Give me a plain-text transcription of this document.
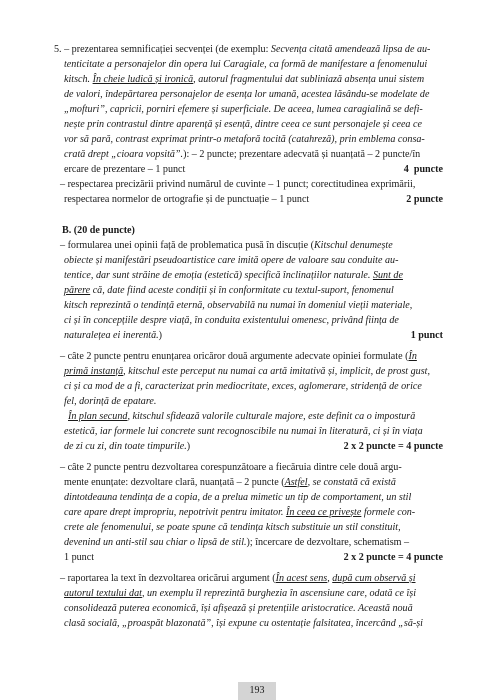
5. – prezentarea semnificației secvenței (de exemplu: Secvența citată amendează lipsa de au-
tenticitate a personajelor din opera lui Caragiale, ca formă de manifestare a fenomenului
kitsch. În cheie ludică și ironică, autorul fragmentului dat subliniază absența unui sistem
de valori, îndepărtarea personajelor de esența lor umană, acestea lăsându-se modelate de
„mofturi”, capricii, porniri efemere și superficiale. De aceea, lumea caragialină se defi-
nește prin contrastul dintre aparență și esență, dintre ceea ce sunt personajele și ceea ce
vor să pară, contrast exprimat printr-o metaforă tocită (catahreză), prin emblema consa-
crată drept „cioara vopsită”.): – 2 puncte; prezentare adecvată și nuanțată – 2 puncte/în
ercare de prezentare – 1 punct	4  puncte
– respectarea precizării privind numărul de cuvinte – 1 punct; corectitudinea exprimării,
respectarea normelor de ortografie și de punctuație – 1 punct	2 puncte
B. (20 de puncte)
– formularea unei opinii față de problematica pusă în discuție (Kitschul denumește
obiecte și manifestări pseudoartistice care imită opere de valoare sau conduite au-
tentice, dar sunt străine de emoția (estetică) specifică înclinațiilor naturale. Sunt de
părere că, date fiind aceste condiții și în conformitate cu textul-suport, fenomenul
kitsch reprezintă o tendință eternă, observabilă nu numai în domeniul vieții materiale,
ci și în concepțiile despre viață, în conduita existentului omenesc, privând ființa de
naturalețea ei inerentă.)	1 punct
– câte 2 puncte pentru enunțarea oricăror două argumente adecvate opiniei formulate (În
primă instanță, kitschul este perceput nu numai ca artă imitativă și, implicit, de prost gust,
ci și ca mod de a fi, caracterizat prin mediocritate, exces, aglomerare, stridență de orice
fel, dorință de epatare.
În plan secund, kitschul sfidează valorile culturale majore, este definit ca o impostură
estetică, iar formele lui concrete sunt recognoscibile nu numai în literatură, ci și în viața
de zi cu zi, din toate timpurile.)	2 x 2 puncte = 4 puncte
– câte 2 puncte pentru dezvoltarea corespunzătoare a fiecăruia dintre cele două argu-
mente enunțate: dezvoltare clară, nuanțată – 2 puncte (Astfel, se constată că există
dintotdeauna tendința de a copia, de a prelua mimetic un tip de comportament, un stil
care apare drept impropriu, nepotrivit pentru imitator. În ceea ce privește formele con-
crete ale fenomenului, se poate spune că tendința kitsch substituie un stil constituit,
devenind un anti-stil sau chiar o lipsă de stil.); încercare de dezvoltare, schematism –
1 punct	2 x 2 puncte = 4 puncte
– raportarea la text în dezvoltarea oricărui argument (În acest sens, după cum observă și
autorul textului dat, un exemplu îl reprezintă burghezia în ascensiune care, odată ce își
consolidează puterea economică, își afișează și pretențiile aristocratice. Această nouă
clasă socială, „proaspăt blazonată”, își expune cu ostentație falsitatea, încercând „să-și
193
